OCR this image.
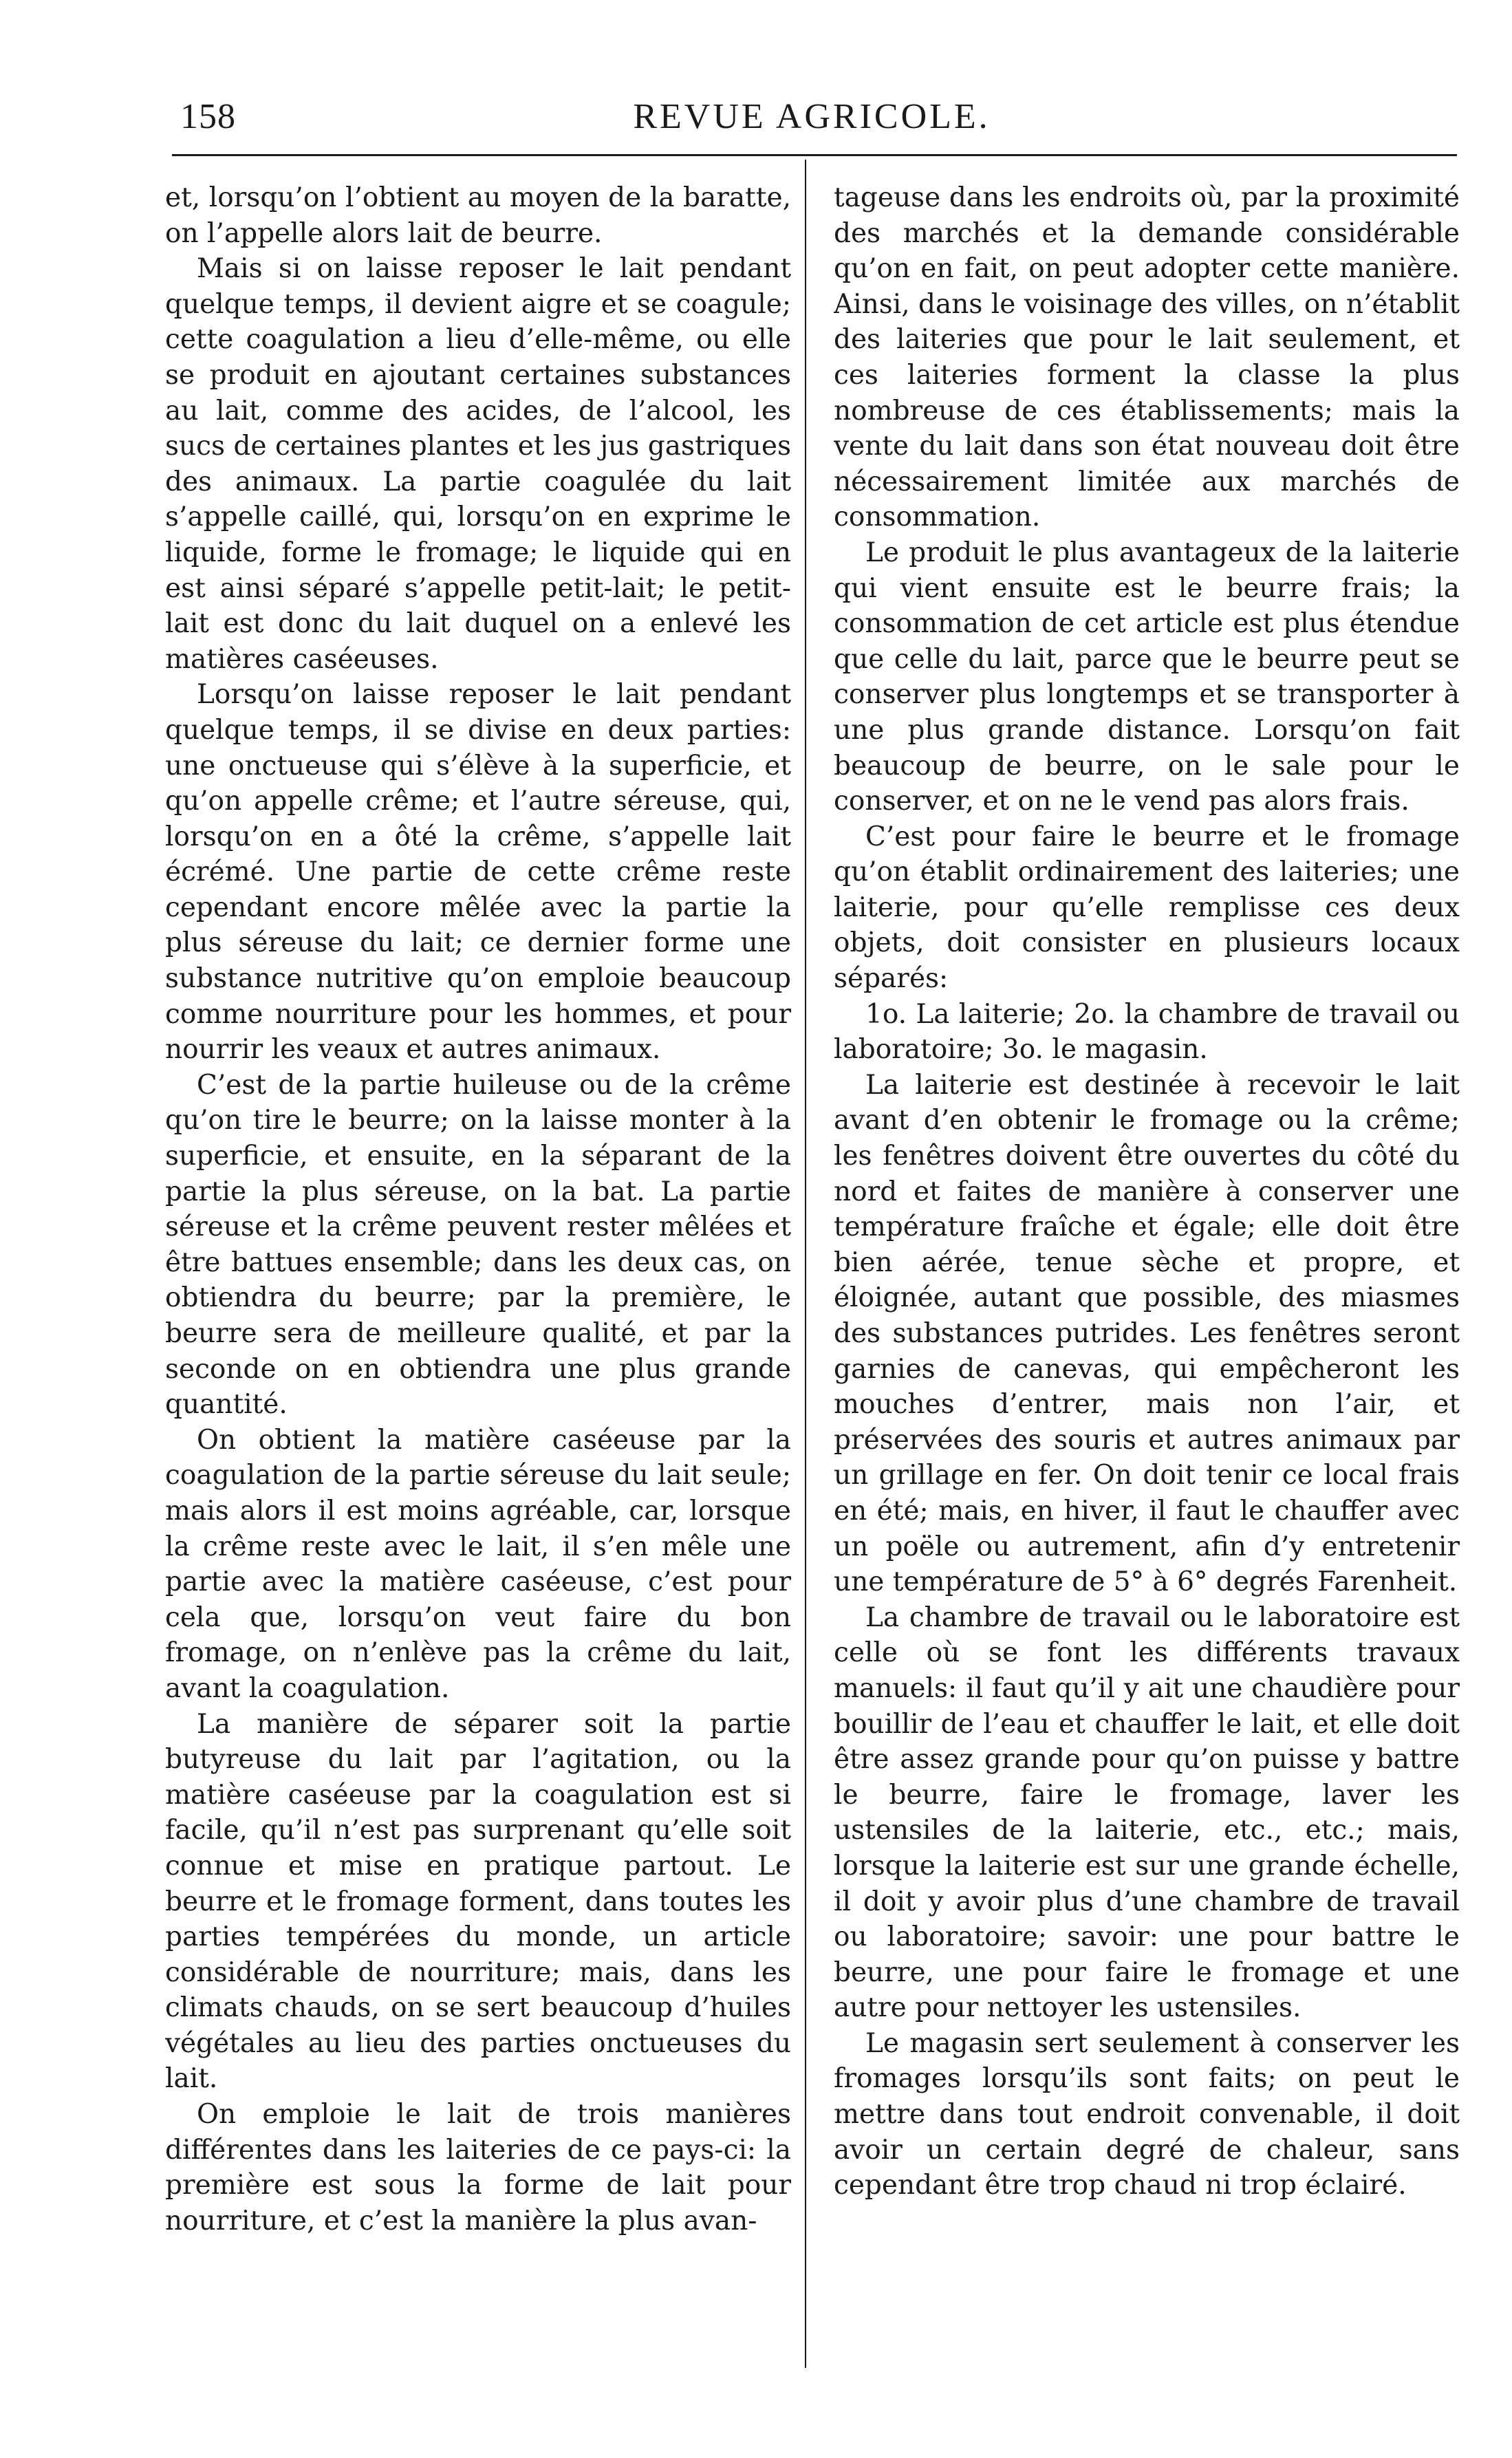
158	REVUE AGRICOLE.

et, lorsqu’on l’obtient au moyen de la baratte, on l’appelle alors lait de beurre.

Mais si on laisse reposer le lait pendant quelque temps, il devient aigre et se coagule; cette coagulation a lieu d’elle-même, ou elle se produit en ajoutant certaines substances au lait, comme des acides, de l’alcool, les sucs de certaines plantes et les jus gastriques des animaux. La partie coagulée du lait s’appelle caillé, qui, lorsqu’on en exprime le liquide, forme le fromage; le liquide qui en est ainsi séparé s’appelle petit-lait; le petit-lait est donc du lait duquel on a enlevé les matières caséeuses.

Lorsqu’on laisse reposer le lait pendant quelque temps, il se divise en deux parties: une onctueuse qui s’élève à la superficie, et qu’on appelle crême; et l’autre séreuse, qui, lorsqu’on en a ôté la crême, s’appelle lait écrémé. Une partie de cette crême reste cependant encore mêlée avec la partie la plus séreuse du lait; ce dernier forme une substance nutritive qu’on emploie beaucoup comme nourriture pour les hommes, et pour nourrir les veaux et autres animaux.

C’est de la partie huileuse ou de la crême qu’on tire le beurre; on la laisse monter à la superficie, et ensuite, en la séparant de la partie la plus séreuse, on la bat. La partie séreuse et la crême peuvent rester mêlées et être battues ensemble; dans les deux cas, on obtiendra du beurre; par la première, le beurre sera de meilleure qualité, et par la seconde on en obtiendra une plus grande quantité.

On obtient la matière caséeuse par la coagulation de la partie séreuse du lait seule; mais alors il est moins agréable, car, lorsque la crême reste avec le lait, il s’en mêle une partie avec la matière caséeuse, c’est pour cela que, lorsqu’on veut faire du bon fromage, on n’enlève pas la crême du lait, avant la coagulation.

La manière de séparer soit la partie butyreuse du lait par l’agitation, ou la matière caséeuse par la coagulation est si facile, qu’il n’est pas surprenant qu’elle soit connue et mise en pratique partout. Le beurre et le fromage forment, dans toutes les parties tempérées du monde, un article considérable de nourriture; mais, dans les climats chauds, on se sert beaucoup d’huiles végétales au lieu des parties onctueuses du lait.

On emploie le lait de trois manières différentes dans les laiteries de ce pays-ci: la première est sous la forme de lait pour nourriture, et c’est la manière la plus avan-

tageuse dans les endroits où, par la proximité des marchés et la demande considérable qu’on en fait, on peut adopter cette manière. Ainsi, dans le voisinage des villes, on n’établit des laiteries que pour le lait seulement, et ces laiteries forment la classe la plus nombreuse de ces établissements; mais la vente du lait dans son état nouveau doit être nécessairement limitée aux marchés de consommation.

Le produit le plus avantageux de la laiterie qui vient ensuite est le beurre frais; la consommation de cet article est plus étendue que celle du lait, parce que le beurre peut se conserver plus longtemps et se transporter à une plus grande distance. Lorsqu’on fait beaucoup de beurre, on le sale pour le conserver, et on ne le vend pas alors frais.

C’est pour faire le beurre et le fromage qu’on établit ordinairement des laiteries; une laiterie, pour qu’elle remplisse ces deux objets, doit consister en plusieurs locaux séparés:

1o. La laiterie; 2o. la chambre de travail ou laboratoire; 3o. le magasin.

La laiterie est destinée à recevoir le lait avant d’en obtenir le fromage ou la crême; les fenêtres doivent être ouvertes du côté du nord et faites de manière à conserver une température fraîche et égale; elle doit être bien aérée, tenue sèche et propre, et éloignée, autant que possible, des miasmes des substances putrides. Les fenêtres seront garnies de canevas, qui empêcheront les mouches d’entrer, mais non l’air, et préservées des souris et autres animaux par un grillage en fer. On doit tenir ce local frais en été; mais, en hiver, il faut le chauffer avec un poële ou autrement, afin d’y entretenir une température de 5° à 6° degrés Farenheit.

La chambre de travail ou le laboratoire est celle où se font les différents travaux manuels: il faut qu’il y ait une chaudière pour bouillir de l’eau et chauffer le lait, et elle doit être assez grande pour qu’on puisse y battre le beurre, faire le fromage, laver les ustensiles de la laiterie, etc., etc.; mais, lorsque la laiterie est sur une grande échelle, il doit y avoir plus d’une chambre de travail ou laboratoire; savoir: une pour battre le beurre, une pour faire le fromage et une autre pour nettoyer les ustensiles.

Le magasin sert seulement à conserver les fromages lorsqu’ils sont faits; on peut le mettre dans tout endroit convenable, il doit avoir un certain degré de chaleur, sans cependant être trop chaud ni trop éclairé.
